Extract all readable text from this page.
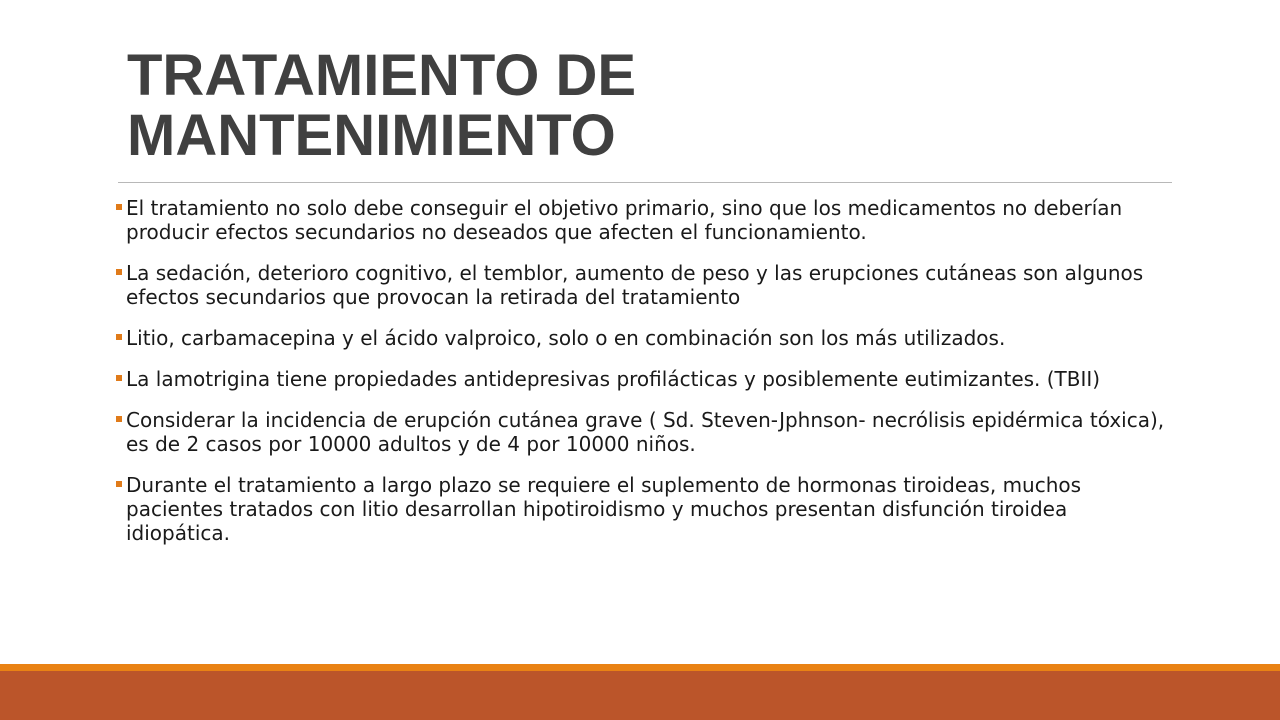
TRATAMIENTO DE
MANTENIMIENTO
El tratamiento no solo debe conseguir el objetivo primario, sino que los medicamentos no deberían producir efectos secundarios no deseados que afecten el funcionamiento.
La sedación, deterioro cognitivo, el temblor, aumento de peso y las erupciones cutáneas son algunos efectos secundarios que provocan la retirada del tratamiento
Litio, carbamacepina y el ácido valproico, solo o en combinación son los más utilizados.
La lamotrigina tiene propiedades antidepresivas profilácticas y posiblemente eutimizantes. (TBII)
Considerar la incidencia de erupción cutánea grave ( Sd. Steven-Jphnson- necrólisis epidérmica tóxica), es de 2 casos por 10000 adultos y de 4 por 10000 niños.
Durante el tratamiento a largo plazo se requiere el suplemento de hormonas tiroideas, muchos pacientes tratados con litio desarrollan hipotiroidismo y muchos presentan disfunción tiroidea idiopática.
